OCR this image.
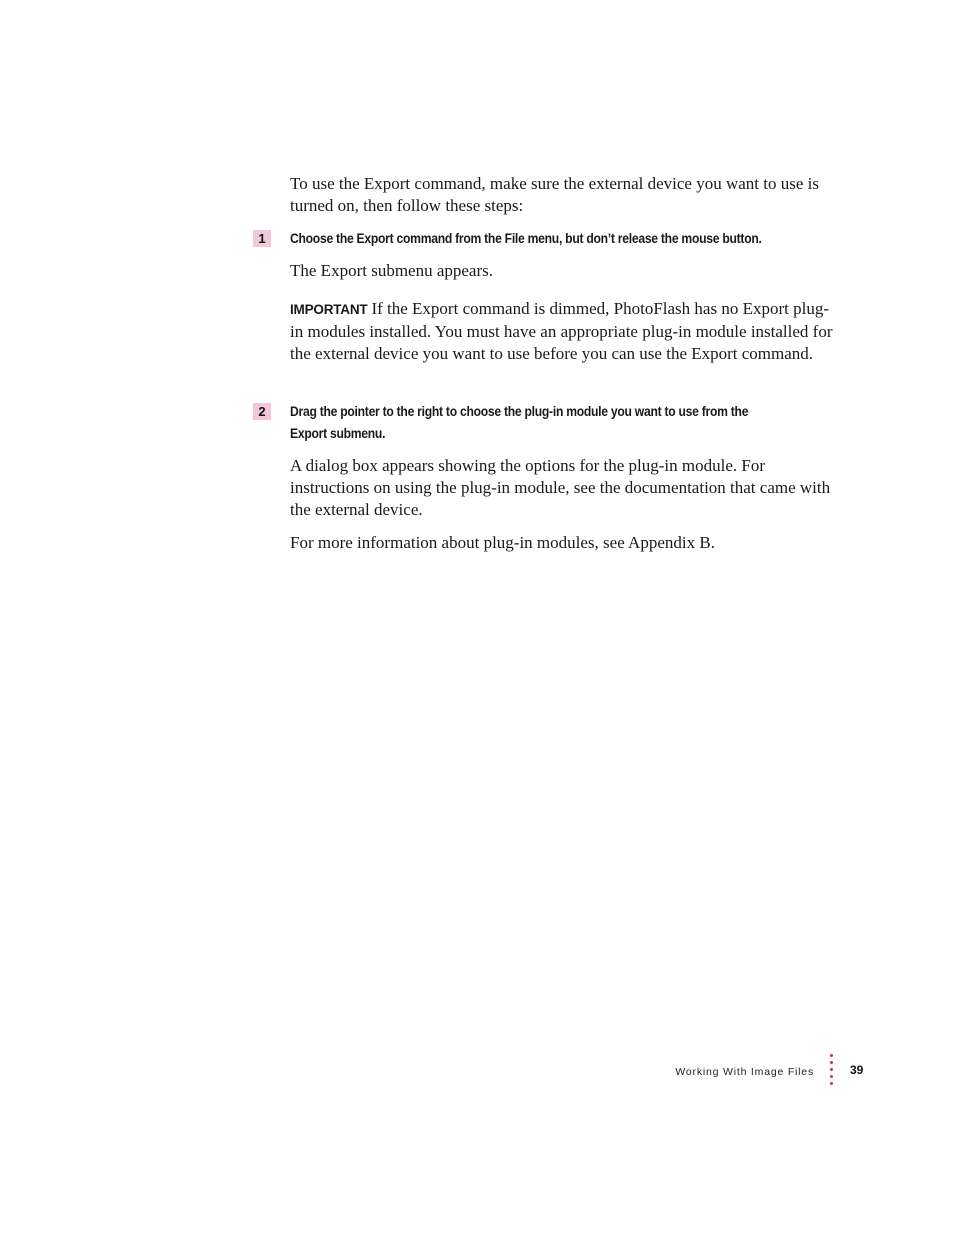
To use the Export command, make sure the external device you want to use is turned on, then follow these steps:

1	Choose the Export command from the File menu, but don’t release the mouse button.

The Export submenu appears.

IMPORTANT If the Export command is dimmed, PhotoFlash has no Export plug-in modules installed. You must have an appropriate plug-in module installed for the external device you want to use before you can use the Export command.

2	Drag the pointer to the right to choose the plug-in module you want to use from the Export submenu.

A dialog box appears showing the options for the plug-in module. For instructions on using the plug-in module, see the documentation that came with the external device.

For more information about plug-in modules, see Appendix B.

Working With Image Files	39
